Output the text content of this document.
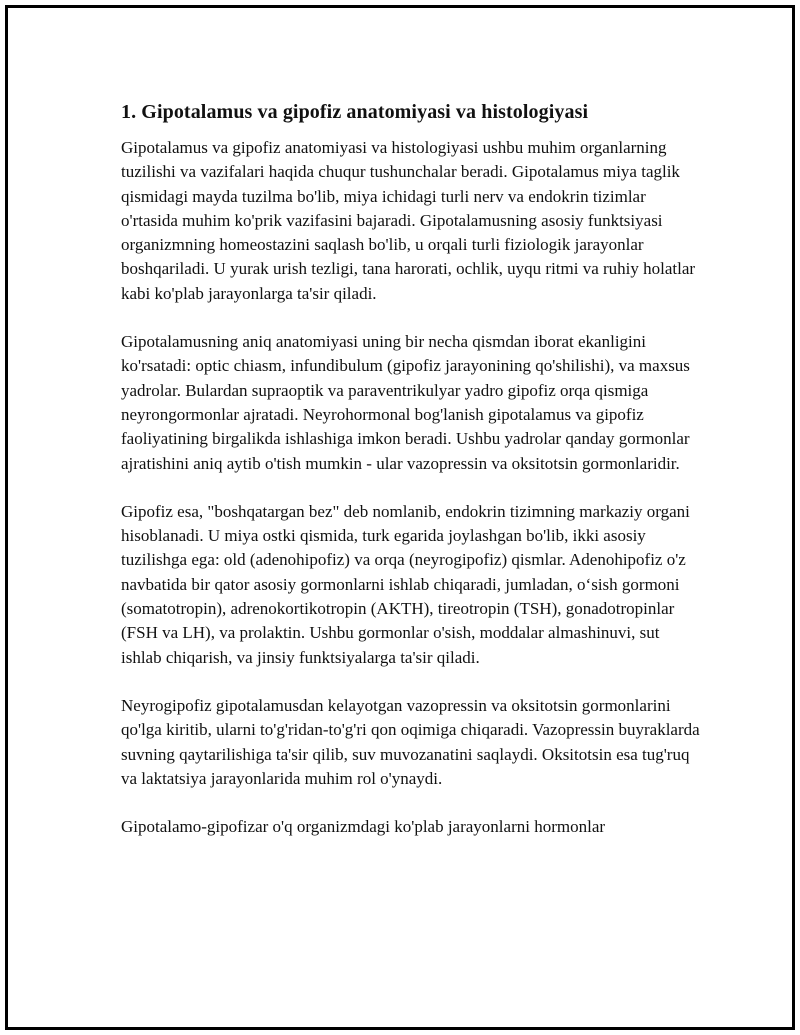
1. Gipotalamus va gipofiz anatomiyasi va histologiyasi

Gipotalamus va gipofiz anatomiyasi va histologiyasi ushbu muhim organlarning tuzilishi va vazifalari haqida chuqur tushunchalar beradi. Gipotalamus miya taglik qismidagi mayda tuzilma bo'lib, miya ichidagi turli nerv va endokrin tizimlar o'rtasida muhim ko'prik vazifasini bajaradi. Gipotalamusning asosiy funktsiyasi organizmning homeostazini saqlash bo'lib, u orqali turli fiziologik jarayonlar boshqariladi. U yurak urish tezligi, tana harorati, ochlik, uyqu ritmi va ruhiy holatlar kabi ko'plab jarayonlarga ta'sir qiladi.

Gipotalamusning aniq anatomiyasi uning bir necha qismdan iborat ekanligini ko'rsatadi: optic chiasm, infundibulum (gipofiz jarayonining qo'shilishi), va maxsus yadrolar. Bulardan supraoptik va paraventrikulyar yadro gipofiz orqa qismiga neyrongormonlar ajratadi. Neyrohormonal bog'lanish gipotalamus va gipofiz faoliyatining birgalikda ishlashiga imkon beradi. Ushbu yadrolar qanday gormonlar ajratishini aniq aytib o'tish mumkin - ular vazopressin va oksitotsin gormonlaridir.

Gipofiz esa, "boshqatargan bez" deb nomlanib, endokrin tizimning markaziy organi hisoblanadi. U miya ostki qismida, turk egarida joylashgan bo'lib, ikki asosiy tuzilishga ega: old (adenohipofiz) va orqa (neyrogipofiz) qismlar. Adenohipofiz o'z navbatida bir qator asosiy gormonlarni ishlab chiqaradi, jumladan, o‘sish gormoni (somatotropin), adrenokortikotropin (AKTH), tireotropin (TSH), gonadotropinlar (FSH va LH), va prolaktin. Ushbu gormonlar o'sish, moddalar almashinuvi, sut ishlab chiqarish, va jinsiy funktsiyalarga ta'sir qiladi.

Neyrogipofiz gipotalamusdan kelayotgan vazopressin va oksitotsin gormonlarini qo'lga kiritib, ularni to'g'ridan-to'g'ri qon oqimiga chiqaradi. Vazopressin buyraklarda suvning qaytarilishiga ta'sir qilib, suv muvozanatini saqlaydi. Oksitotsin esa tug'ruq va laktatsiya jarayonlarida muhim rol o'ynaydi.

Gipotalamo-gipofizar o'q organizmdagi ko'plab jarayonlarni hormonlar
